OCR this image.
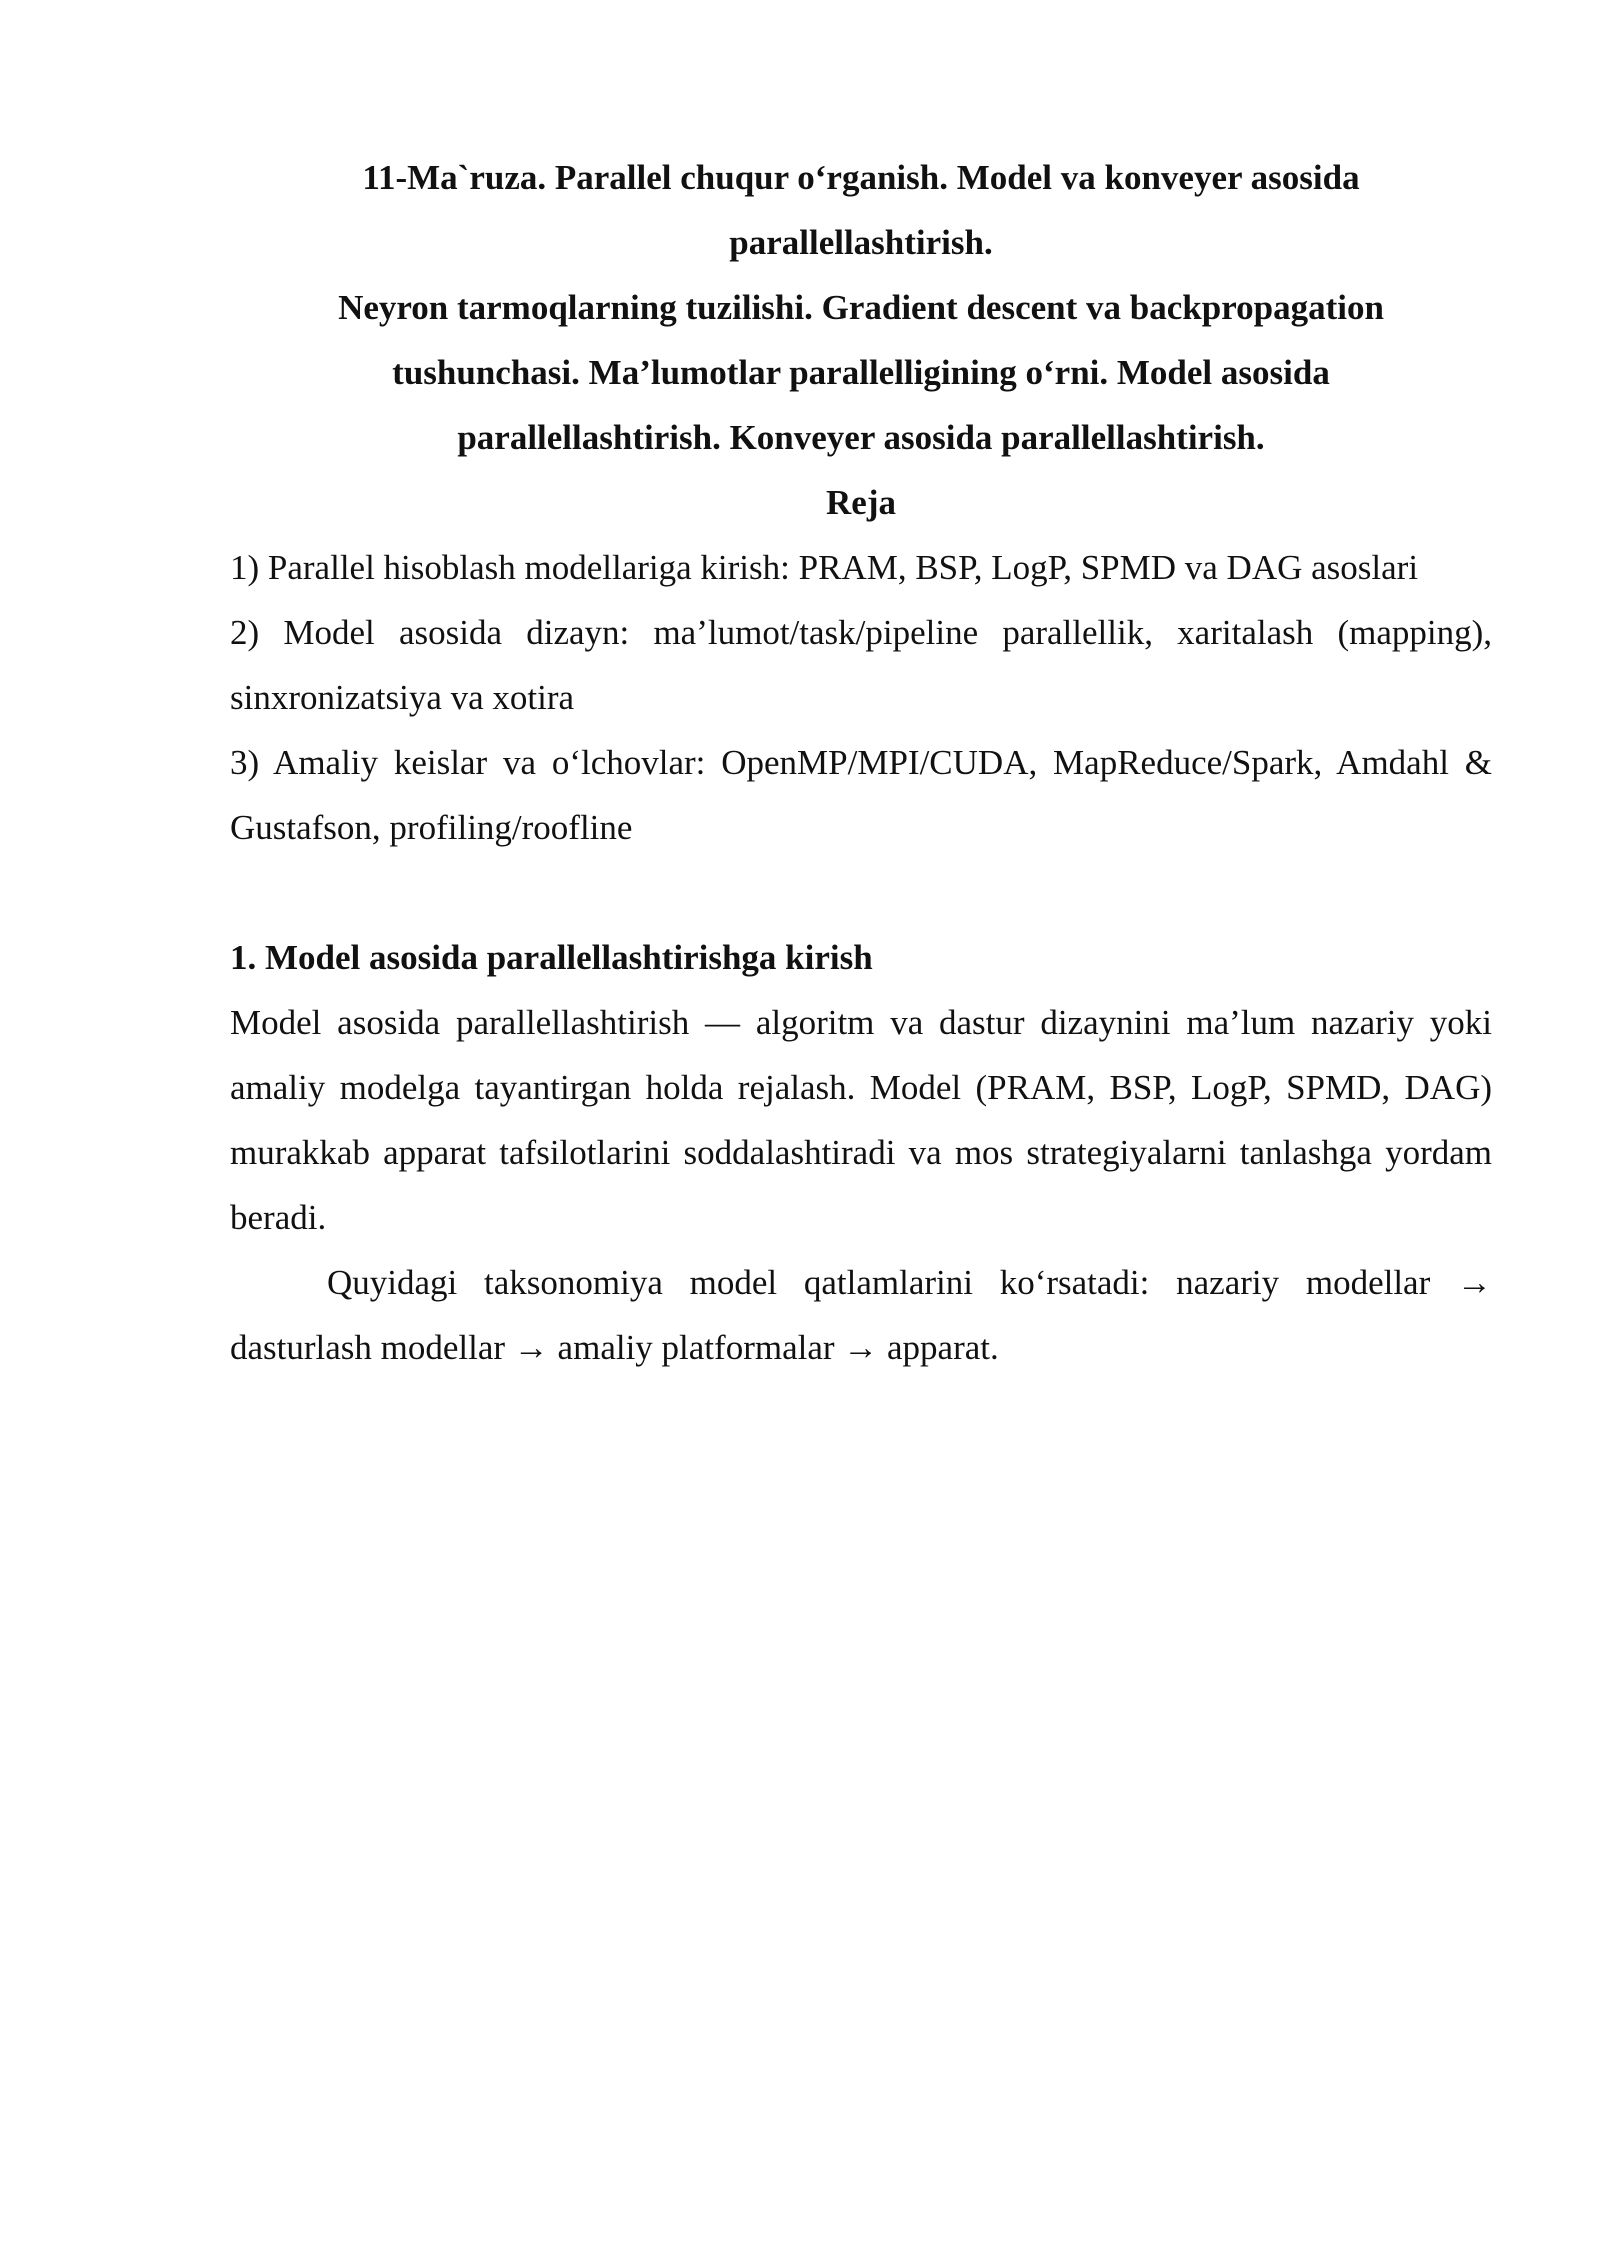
11-Ma`ruza. Parallel chuqur o‘rganish. Model va konveyer asosida parallellashtirish.

Neyron tarmoqlarning tuzilishi. Gradient descent va backpropagation tushunchasi. Ma’lumotlar parallelligining o‘rni. Model asosida parallellashtirish. Konveyer asosida parallellashtirish.

Reja

1) Parallel hisoblash modellariga kirish: PRAM, BSP, LogP, SPMD va DAG asoslari

2) Model asosida dizayn: ma’lumot/task/pipeline parallellik, xaritalash (mapping), sinxronizatsiya va xotira

3) Amaliy keislar va o‘lchovlar: OpenMP/MPI/CUDA, MapReduce/Spark, Amdahl & Gustafson, profiling/roofline

1. Model asosida parallellashtirishga kirish

Model asosida parallellashtirish — algoritm va dastur dizaynini ma’lum nazariy yoki amaliy modelga tayantirgan holda rejalash. Model (PRAM, BSP, LogP, SPMD, DAG) murakkab apparat tafsilotlarini soddalashtiradi va mos strategiyalarni tanlashga yordam beradi.

Quyidagi taksonomiya model qatlamlarini ko‘rsatadi: nazariy modellar → dasturlash modellar → amaliy platformalar → apparat.
